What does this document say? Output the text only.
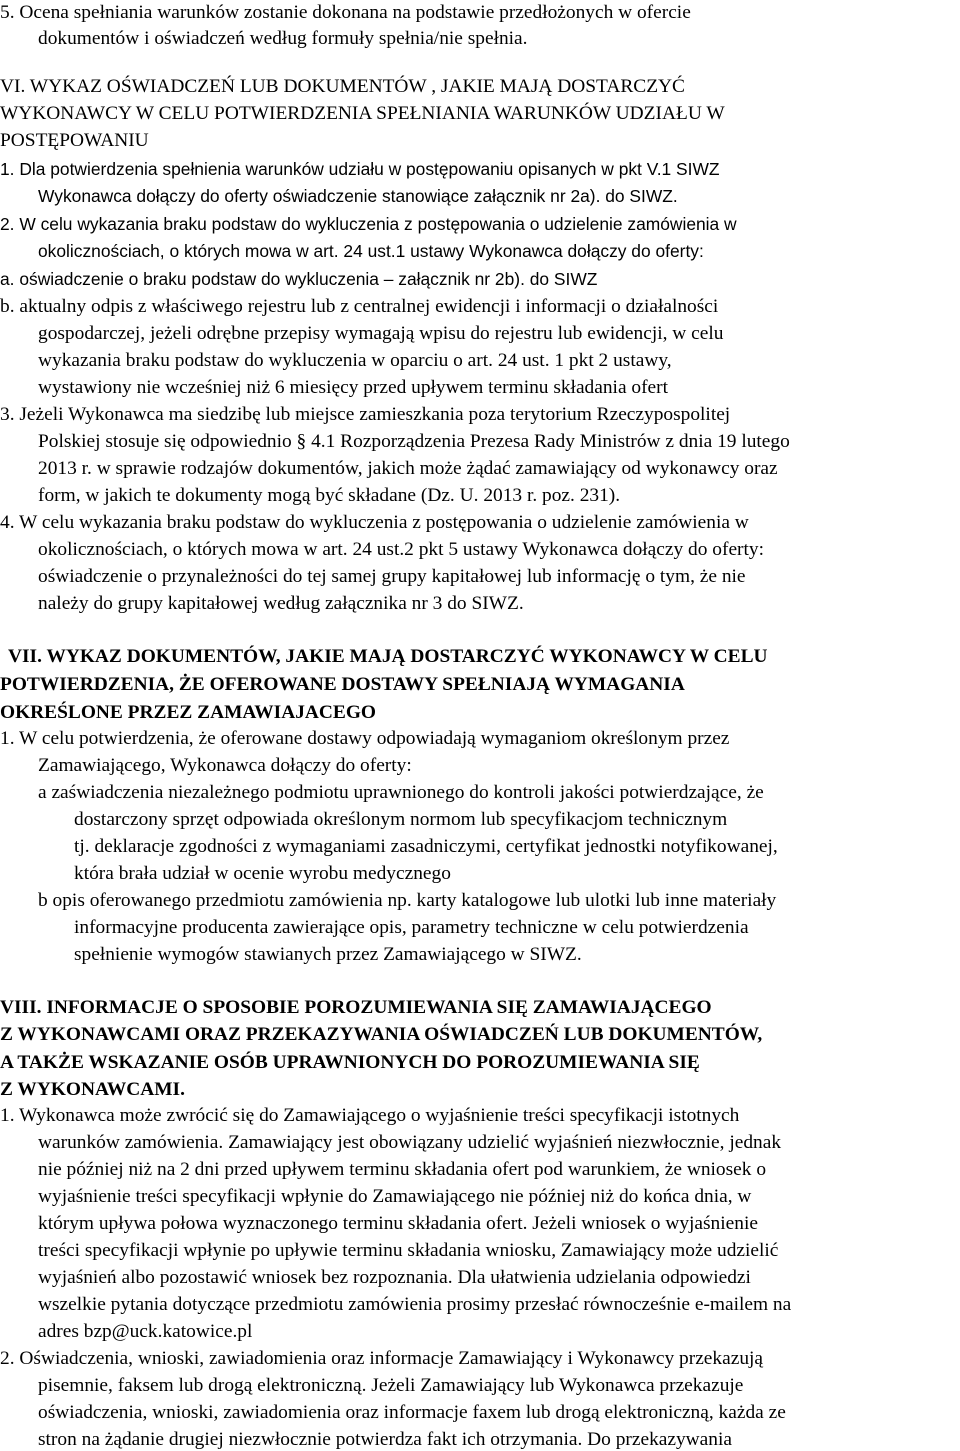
5. Ocena spełniania warunków zostanie dokonana na podstawie przedłożonych w ofercie
dokumentów i oświadczeń według formuły spełnia/nie spełnia.
VI. WYKAZ OŚWIADCZEŃ LUB DOKUMENTÓW , JAKIE MAJĄ DOSTARCZYĆ
WYKONAWCY W CELU POTWIERDZENIA SPEŁNIANIA WARUNKÓW UDZIAŁU W
POSTĘPOWANIU
1. Dla potwierdzenia spełnienia warunków udziału w postępowaniu opisanych w pkt V.1 SIWZ
Wykonawca dołączy do oferty oświadczenie stanowiące załącznik nr 2a). do SIWZ.
2. W celu wykazania braku podstaw do wykluczenia z postępowania o udzielenie zamówienia w
okolicznościach, o których mowa w art. 24 ust.1 ustawy Wykonawca dołączy do oferty:
a. oświadczenie o braku podstaw do wykluczenia – załącznik nr 2b). do SIWZ
b. aktualny odpis z właściwego rejestru lub z centralnej ewidencji i informacji o działalności
gospodarczej, jeżeli odrębne przepisy wymagają wpisu do rejestru lub ewidencji, w celu
wykazania braku podstaw do wykluczenia w oparciu o art. 24 ust. 1 pkt 2 ustawy,
wystawiony nie wcześniej niż 6 miesięcy przed upływem terminu składania ofert
3. Jeżeli Wykonawca ma siedzibę lub miejsce zamieszkania poza terytorium Rzeczypospolitej
Polskiej stosuje się odpowiednio § 4.1 Rozporządzenia Prezesa Rady Ministrów z dnia 19 lutego
2013 r. w sprawie rodzajów dokumentów, jakich może żądać zamawiający od wykonawcy oraz
form, w jakich te dokumenty mogą być składane (Dz. U. 2013 r. poz. 231).
4. W celu wykazania braku podstaw do wykluczenia z postępowania o udzielenie zamówienia w
okolicznościach, o których mowa w art. 24 ust.2 pkt 5 ustawy Wykonawca dołączy do oferty:
oświadczenie o przynależności do tej samej grupy kapitałowej lub informację o tym, że nie
należy do grupy kapitałowej według załącznika nr 3 do SIWZ.
VII. WYKAZ DOKUMENTÓW, JAKIE MAJĄ DOSTARCZYĆ WYKONAWCY W CELU
POTWIERDZENIA, ŻE OFEROWANE DOSTAWY SPEŁNIAJĄ WYMAGANIA
OKREŚLONE PRZEZ ZAMAWIAJACEGO
1. W celu potwierdzenia, że oferowane dostawy odpowiadają wymaganiom określonym przez
Zamawiającego, Wykonawca dołączy do oferty:
a zaświadczenia niezależnego podmiotu uprawnionego do kontroli jakości potwierdzające, że
dostarczony sprzęt odpowiada określonym normom lub specyfikacjom technicznym
tj. deklaracje zgodności z wymaganiami zasadniczymi, certyfikat jednostki notyfikowanej,
która brała udział w ocenie wyrobu medycznego
b opis oferowanego przedmiotu zamówienia np. karty katalogowe lub ulotki lub inne materiały
informacyjne producenta zawierające opis, parametry techniczne w celu potwierdzenia
spełnienie wymogów stawianych przez Zamawiającego w SIWZ.
VIII. INFORMACJE O SPOSOBIE POROZUMIEWANIA SIĘ ZAMAWIAJĄCEGO
Z WYKONAWCAMI ORAZ PRZEKAZYWANIA OŚWIADCZEŃ LUB DOKUMENTÓW,
A TAKŻE WSKAZANIE OSÓB UPRAWNIONYCH DO POROZUMIEWANIA SIĘ
Z WYKONAWCAMI.
1. Wykonawca może zwrócić się do Zamawiającego o wyjaśnienie treści specyfikacji istotnych
warunków zamówienia. Zamawiający jest obowiązany udzielić wyjaśnień niezwłocznie, jednak
nie później niż na 2 dni przed upływem terminu składania ofert pod warunkiem, że wniosek o
wyjaśnienie treści specyfikacji wpłynie do Zamawiającego nie później niż do końca dnia, w
którym upływa połowa wyznaczonego terminu składania ofert. Jeżeli wniosek o wyjaśnienie
treści specyfikacji wpłynie po upływie terminu składania wniosku, Zamawiający może udzielić
wyjaśnień albo pozostawić wniosek bez rozpoznania. Dla ułatwienia udzielania odpowiedzi
wszelkie pytania dotyczące przedmiotu zamówienia prosimy przesłać równocześnie e-mailem na
adres bzp@uck.katowice.pl
2. Oświadczenia, wnioski, zawiadomienia oraz informacje Zamawiający i Wykonawcy przekazują
pisemnie, faksem lub drogą elektroniczną. Jeżeli Zamawiający lub Wykonawca przekazuje
oświadczenia, wnioski, zawiadomienia oraz informacje faxem lub drogą elektroniczną, każda ze
stron na żądanie drugiej niezwłocznie potwierdza fakt ich otrzymania. Do przekazywania
